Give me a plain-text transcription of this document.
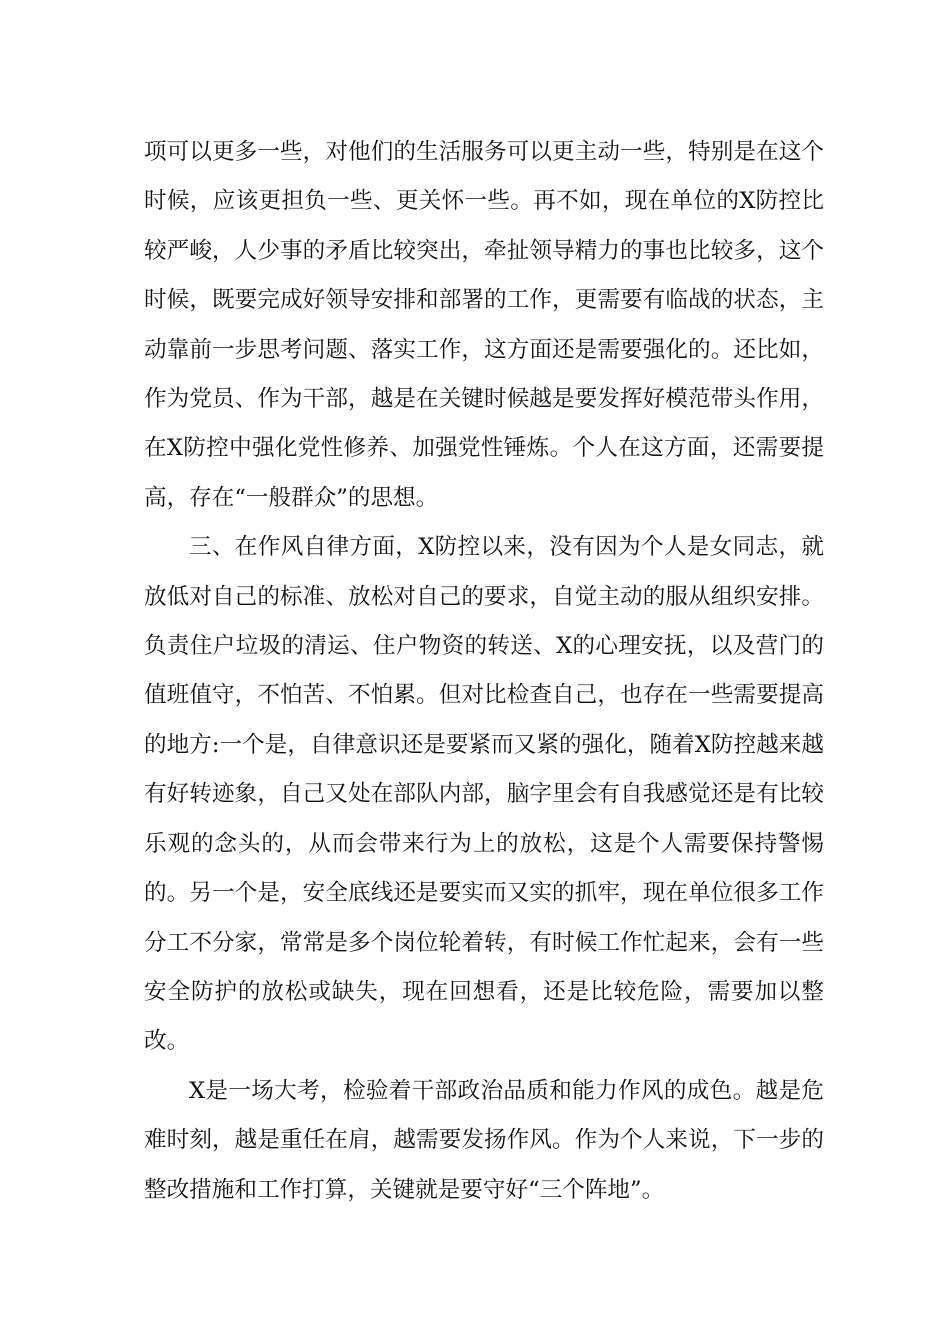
项可以更多一些，对他们的生活服务可以更主动一些，特别是在这个时候，应该更担负一些、更关怀一些。再不如，现在单位的X防控比较严峻，人少事的矛盾比较突出，牵扯领导精力的事也比较多，这个时候，既要完成好领导安排和部署的工作，更需要有临战的状态，主动靠前一步思考问题、落实工作，这方面还是需要强化的。还比如，作为党员、作为干部，越是在关键时候越是要发挥好模范带头作用，在X防控中强化党性修养、加强党性锤炼。个人在这方面，还需要提高，存在“一般群众”的思想。

三、在作风自律方面，X防控以来，没有因为个人是女同志，就放低对自己的标准、放松对自己的要求，自觉主动的服从组织安排。负责住户垃圾的清运、住户物资的转送、X的心理安抚，以及营门的值班值守，不怕苦、不怕累。但对比检查自己，也存在一些需要提高的地方:一个是，自律意识还是要紧而又紧的强化，随着X防控越来越有好转迹象，自己又处在部队内部，脑字里会有自我感觉还是有比较乐观的念头的，从而会带来行为上的放松，这是个人需要保持警惕的。另一个是，安全底线还是要实而又实的抓牢，现在单位很多工作分工不分家，常常是多个岗位轮着转，有时候工作忙起来，会有一些安全防护的放松或缺失，现在回想看，还是比较危险，需要加以整改。

X是一场大考，检验着干部政治品质和能力作风的成色。越是危难时刻，越是重任在肩，越需要发扬作风。作为个人来说，下一步的整改措施和工作打算，关键就是要守好“三个阵地”。
